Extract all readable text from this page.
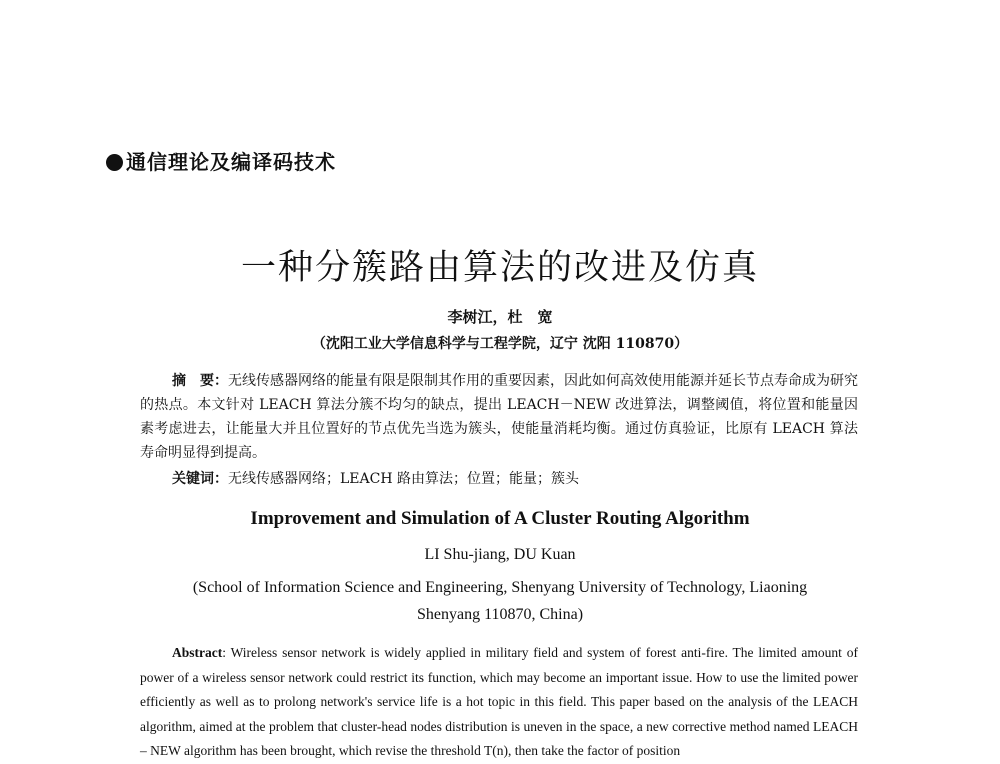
通信理论及编译码技术
一种分簇路由算法的改进及仿真
李树江，杜　宽
（沈阳工业大学信息科学与工程学院，辽宁 沈阳 110870）
摘　要：无线传感器网络的能量有限是限制其作用的重要因素，因此如何高效使用能源并延长节点寿命成为研究的热点。本文针对 LEACH 算法分簇不均匀的缺点，提出 LEACH－NEW 改进算法，调整阈值，将位置和能量因素考虑进去，让能量大并且位置好的节点优先当选为簇头，使能量消耗均衡。通过仿真验证，比原有 LEACH 算法寿命明显得到提高。
关键词：无线传感器网络；LEACH 路由算法；位置；能量；簇头
Improvement and Simulation of A Cluster Routing Algorithm
LI Shu-jiang, DU Kuan
(School of Information Science and Engineering, Shenyang University of Technology, Liaoning Shenyang 110870, China)
Abstract: Wireless sensor network is widely applied in military field and system of forest anti-fire. The limited amount of power of a wireless sensor network could restrict its function, which may become an important issue. How to use the limited power efficiently as well as to prolong network's service life is a hot topic in this field. This paper based on the analysis of the LEACH algorithm, aimed at the problem that cluster-head nodes distribution is uneven in the space, a new corrective method named LEACH – NEW algorithm has been brought, which revise the threshold T(n), then take the factor of position
